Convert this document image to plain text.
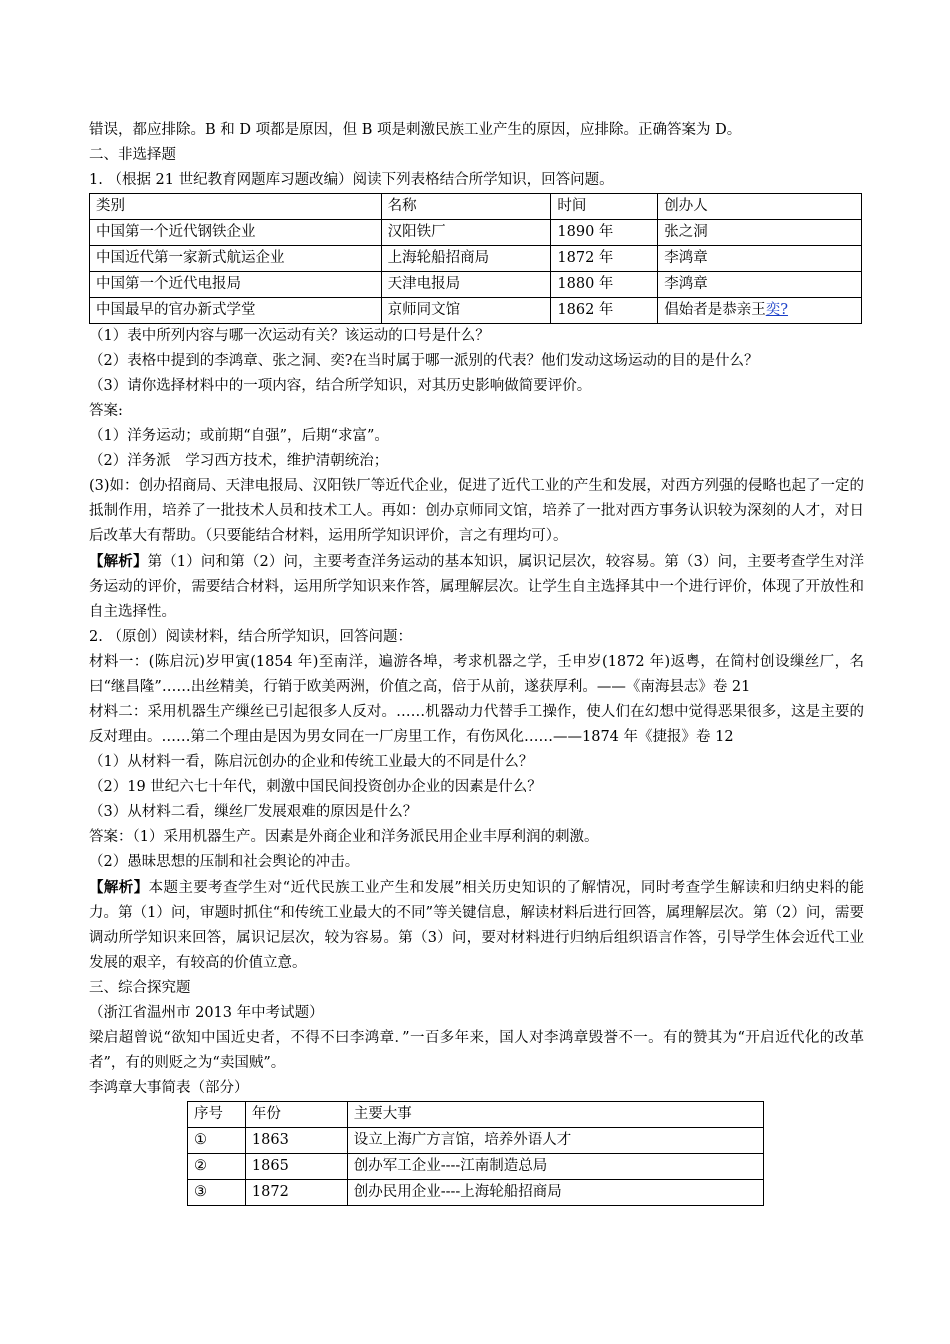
错误，都应排除。B 和 D 项都是原因，但 B 项是刺激民族工业产生的原因，应排除。正确答案为 D。
二、非选择题
1. （根据 21 世纪教育网题库习题改编）阅读下列表格结合所学知识，回答问题。
类别	名称	时间	创办人
中国第一个近代钢铁企业	汉阳铁厂	1890 年	张之洞
中国近代第一家新式航运企业	上海轮船招商局	1872 年	李鸿章
中国第一个近代电报局	天津电报局	1880 年	李鸿章
中国最早的官办新式学堂	京师同文馆	1862 年	倡始者是恭亲王奕?
（1）表中所列内容与哪一次运动有关？该运动的口号是什么？
（2）表格中提到的李鸿章、张之洞、奕?在当时属于哪一派别的代表？他们发动这场运动的目的是什么？
（3）请你选择材料中的一项内容，结合所学知识，对其历史影响做简要评价。
答案:
（1）洋务运动；或前期“自强”，后期“求富”。
（2）洋务派　学习西方技术，维护清朝统治；
(3)如：创办招商局、天津电报局、汉阳铁厂等近代企业，促进了近代工业的产生和发展，对西方列强的侵略也起了一定的抵制作用，培养了一批技术人员和技术工人。再如：创办京师同文馆，培养了一批对西方事务认识较为深刻的人才，对日后改革大有帮助。（只要能结合材料，运用所学知识评价，言之有理均可）。
【解析】第（1）问和第（2）问，主要考查洋务运动的基本知识，属识记层次，较容易。第（3）问，主要考查学生对洋务运动的评价，需要结合材料，运用所学知识来作答，属理解层次。让学生自主选择其中一个进行评价，体现了开放性和自主选择性。
2. （原创）阅读材料，结合所学知识，回答问题：
材料一：(陈启沅)岁甲寅(1854 年)至南洋，遍游各埠，考求机器之学，壬申岁(1872 年)返粤，在简村创设缫丝厂，名曰“继昌隆”……出丝精美，行销于欧美两洲，价值之高，倍于从前，遂获厚利。——《南海县志》卷 21
材料二：采用机器生产缫丝已引起很多人反对。……机器动力代替手工操作，使人们在幻想中觉得恶果很多，这是主要的反对理由。……第二个理由是因为男女同在一厂房里工作，有伤风化……——1874 年《捷报》卷 12
（1）从材料一看，陈启沅创办的企业和传统工业最大的不同是什么？
（2）19 世纪六七十年代，刺激中国民间投资创办企业的因素是什么？
（3）从材料二看，缫丝厂发展艰难的原因是什么？
答案：（1）采用机器生产。因素是外商企业和洋务派民用企业丰厚利润的刺激。
（2）愚昧思想的压制和社会舆论的冲击。
【解析】本题主要考查学生对“近代民族工业产生和发展”相关历史知识的了解情况，同时考查学生解读和归纳史料的能力。第（1）问，审题时抓住“和传统工业最大的不同”等关键信息，解读材料后进行回答，属理解层次。第（2）问，需要调动所学知识来回答，属识记层次，较为容易。第（3）问，要对材料进行归纳后组织语言作答，引导学生体会近代工业发展的艰辛，有较高的价值立意。
三、综合探究题
（浙江省温州市 2013 年中考试题）
梁启超曾说“欲知中国近史者，不得不曰李鸿章．”一百多年来，国人对李鸿章毁誉不一。有的赞其为“开启近代化的改革者”，有的则贬之为“卖国贼”。
李鸿章大事简表（部分）
序号	年份	主要大事
①	1863	设立上海广方言馆，培养外语人才
②	1865	创办军工企业----江南制造总局
③	1872	创办民用企业----上海轮船招商局
